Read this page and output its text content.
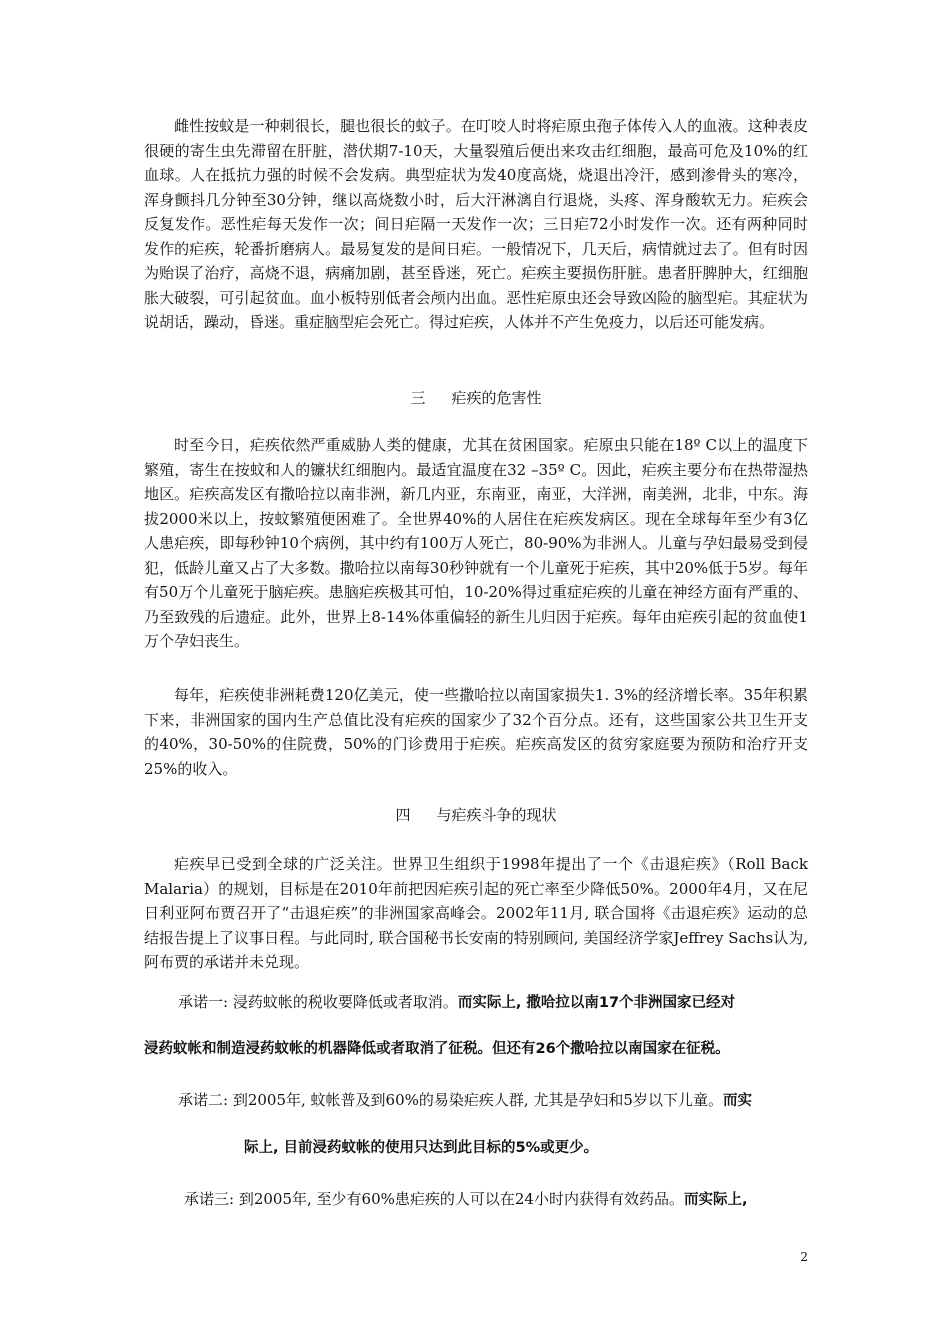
雌性按蚊是一种刺很长，腿也很长的蚊子。在叮咬人时将疟原虫孢子体传入人的血液。这种表皮很硬的寄生虫先滞留在肝脏，潜伏期7-10天，大量裂殖后便出来攻击红细胞，最高可危及10%的红血球。人在抵抗力强的时候不会发病。典型症状为发40度高烧，烧退出冷汗，感到渗骨头的寒冷，浑身颤抖几分钟至30分钟，继以高烧数小时，后大汗淋漓自行退烧，头疼、浑身酸软无力。疟疾会反复发作。恶性疟每天发作一次；间日疟隔一天发作一次；三日疟72小时发作一次。还有两种同时发作的疟疾，轮番折磨病人。最易复发的是间日疟。一般情况下，几天后，病情就过去了。但有时因为贻误了治疗，高烧不退，病痛加剧，甚至昏迷，死亡。疟疾主要损伤肝脏。患者肝脾肿大，红细胞胀大破裂，可引起贫血。血小板特别低者会颅内出血。恶性疟原虫还会导致凶险的脑型疟。其症状为说胡话，躁动，昏迷。重症脑型疟会死亡。得过疟疾，人体并不产生免疫力，以后还可能发病。

三 疟疾的危害性

时至今日，疟疾依然严重威胁人类的健康，尤其在贫困国家。疟原虫只能在18º C以上的温度下繁殖，寄生在按蚊和人的镰状红细胞内。最适宜温度在32 –35º C。因此，疟疾主要分布在热带湿热地区。疟疾高发区有撒哈拉以南非洲，新几内亚，东南亚，南亚，大洋洲，南美洲，北非，中东。海拔2000米以上，按蚊繁殖便困难了。全世界40%的人居住在疟疾发病区。现在全球每年至少有3亿人患疟疾，即每秒钟10个病例，其中约有100万人死亡，80-90%为非洲人。儿童与孕妇最易受到侵犯，低龄儿童又占了大多数。撒哈拉以南每30秒钟就有一个儿童死于疟疾，其中20%低于5岁。每年有50万个儿童死于脑疟疾。患脑疟疾极其可怕，10-20%得过重症疟疾的儿童在神经方面有严重的、乃至致残的后遗症。此外，世界上8-14%体重偏轻的新生儿归因于疟疾。每年由疟疾引起的贫血使1万个孕妇丧生。

每年，疟疾使非洲耗费120亿美元，使一些撒哈拉以南国家损失1. 3%的经济增长率。35年积累下来，非洲国家的国内生产总值比没有疟疾的国家少了32个百分点。还有，这些国家公共卫生开支的40%，30-50%的住院费，50%的门诊费用于疟疾。疟疾高发区的贫穷家庭要为预防和治疗开支25%的收入。

四 与疟疾斗争的现状

疟疾早已受到全球的广泛关注。世界卫生组织于1998年提出了一个《击退疟疾》（Roll Back Malaria）的规划，目标是在2010年前把因疟疾引起的死亡率至少降低50%。2000年4月，又在尼日利亚阿布贾召开了“击退疟疾”的非洲国家高峰会。2002年11月, 联合国将《击退疟疾》运动的总结报告提上了议事日程。与此同时, 联合国秘书长安南的特别顾问, 美国经济学家Jeffrey Sachs认为, 阿布贾的承诺并未兑现。

承诺一: 浸药蚊帐的税收要降低或者取消。而实际上, 撒哈拉以南17个非洲国家已经对
浸药蚊帐和制造浸药蚊帐的机器降低或者取消了征税。但还有26个撒哈拉以南国家在征税。
承诺二: 到2005年, 蚊帐普及到60%的易染疟疾人群, 尤其是孕妇和5岁以下儿童。而实
际上, 目前浸药蚊帐的使用只达到此目标的5%或更少。
承诺三: 到2005年, 至少有60%患疟疾的人可以在24小时内获得有效药品。而实际上,
2
